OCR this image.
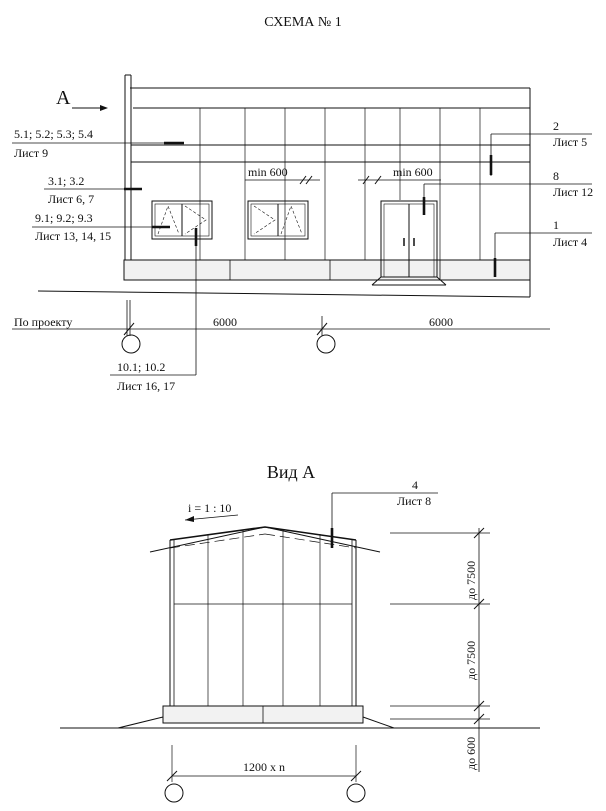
СХЕМА № 1
А
5.1; 5.2; 5.3; 5.4
Лист 9
3.1; 3.2
Лист 6, 7
9.1; 9.2; 9.3
Лист 13, 14, 15
2
Лист 5
8
Лист 12
1
Лист 4
10.1; 10.2
Лист 16, 17
min 600	min 600
По проекту	6000	6000
Вид А
i = 1 : 10
4
Лист 8
до 7500
до 7500
до 600
1200 x n
